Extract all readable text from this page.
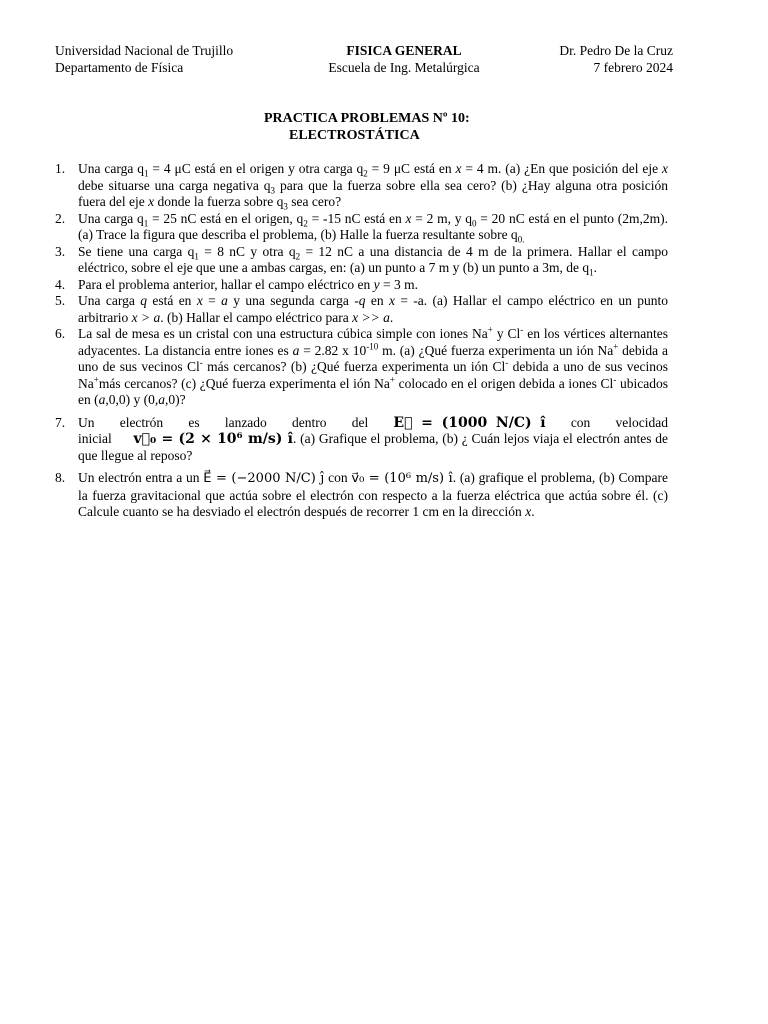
Universidad Nacional de Trujillo	FISICA GENERAL	Dr. Pedro De la Cruz
Departamento de Física	Escuela de Ing. Metalúrgica	7 febrero 2024
PRACTICA PROBLEMAS Nº 10:
ELECTROSTÁTICA
1. Una carga $q_1 = 4$ μC está en el origen y otra carga $q_2 = 9$ μC está en x = 4 m. (a) ¿En que posición del eje x debe situarse una carga negativa $q_3$ para que la fuerza sobre ella sea cero? (b) ¿Hay alguna otra posición fuera del eje x donde la fuerza sobre $q_3$ sea cero?
2. Una carga $q_1 = 25$ nC está en el origen, $q_2 = -15$ nC está en x = 2 m, y $q_0 = 20$ nC está en el punto (2m,2m). (a) Trace la figura que describa el problema, (b) Halle la fuerza resultante sobre $q_{0.}$
3. Se tiene una carga $q_1 = 8$ nC y otra $q_2 = 12$ nC a una distancia de 4 m de la primera. Hallar el campo eléctrico, sobre el eje que une a ambas cargas, en: (a) un punto a 7 m y (b) un punto a 3m, de $q_1$.
4. Para el problema anterior, hallar el campo eléctrico en y = 3 m.
5. Una carga q está en x = a y una segunda carga -q en x = -a. (a) Hallar el campo eléctrico en un punto arbitrario x > a. (b) Hallar el campo eléctrico para x >> a.
6. La sal de mesa es un cristal con una estructura cúbica simple con iones Na+ y Cl- en los vértices alternantes adyacentes. La distancia entre iones es a = 2.82 x $10^{-10}$ m. (a) ¿Qué fuerza experimenta un ión Na+ debida a uno de sus vecinos Cl- más cercanos? (b) ¿Qué fuerza experimenta un ión Cl- debida a uno de sus vecinos Na+más cercanos? (c) ¿Qué fuerza experimenta el ión Na+ colocado en el origen debida a iones Cl- ubicados en (a,0,0) y (0,a,0)?
7. Un electrón es lanzado dentro del E⃗ = (1000 N/C) î con velocidad inicial v⃗₀ = (2 × 10⁶ m/s) î. (a) Grafique el problema, (b) ¿ Cuán lejos viaja el electrón antes de que llegue al reposo?
8. Un electrón entra a un E⃗ = (−2000 N/C) ĵ con v⃗₀ = (10⁶ m/s) î. (a) grafique el problema, (b) Compare la fuerza gravitacional que actúa sobre el electrón con respecto a la fuerza eléctrica que actúa sobre él. (c) Calcule cuanto se ha desviado el electrón después de recorrer 1 cm en la dirección x.
